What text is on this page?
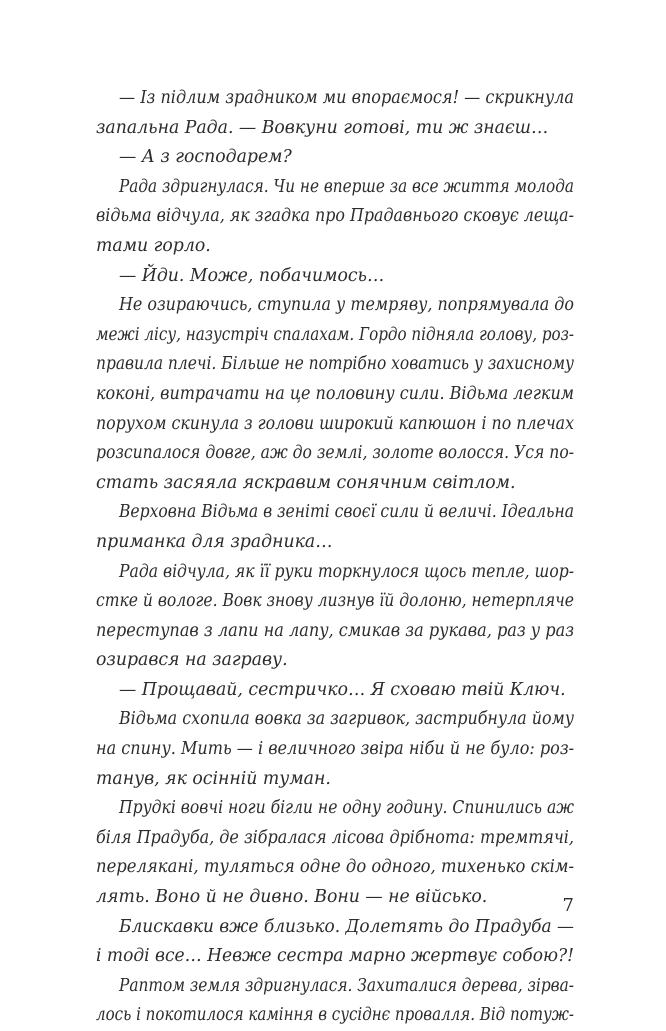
— Із підлим зрадником ми впораємося! — скрикнула
запальна Рада. — Вовкуни готові, ти ж знаєш…
— А з господарем?
Рада здригнулася. Чи не вперше за все життя молода
відьма відчула, як згадка про Прадавнього сковує леща-
тами горло.
— Йди. Може, побачимось…
Не озираючись, ступила у темряву, попрямувала до
межі лісу, назустріч спалахам. Гордо підняла голову, роз-
правила плечі. Більше не потрібно ховатись у захисному
коконі, витрачати на це половину сили. Відьма легким
порухом скинула з голови широкий капюшон і по плечах
розсипалося довге, аж до землі, золоте волосся. Уся по-
стать засяяла яскравим сонячним світлом.
Верховна Відьма в зеніті своєї сили й величі. Ідеальна
приманка для зрадника…
Рада відчула, як її руки торкнулося щось тепле, шор-
стке й вологе. Вовк знову лизнув їй долоню, нетерпляче
переступав з лапи на лапу, смикав за рукава, раз у раз
озирався на заграву.
— Прощавай, сестричко… Я сховаю твій Ключ.
Відьма схопила вовка за загривок, застрибнула йому
на спину. Мить — і величного звіра ніби й не було: роз-
танув, як осінній туман.
Прудкі вовчі ноги бігли не одну годину. Спинились аж
біля Прадуба, де зібралася лісова дрібнота: тремтячі,
переляканi, туляться одне до одного, тихенько скім-
лять. Воно й не дивно. Вони — не військо.
Блискавки вже близько. Долетять до Прадуба —
і тоді все… Невже сестра марно жертвує собою?!
Раптом земля здригнулася. Захиталися дерева, зірва-
лось і покотилося каміння в сусіднє провалля. Від потуж-
7
